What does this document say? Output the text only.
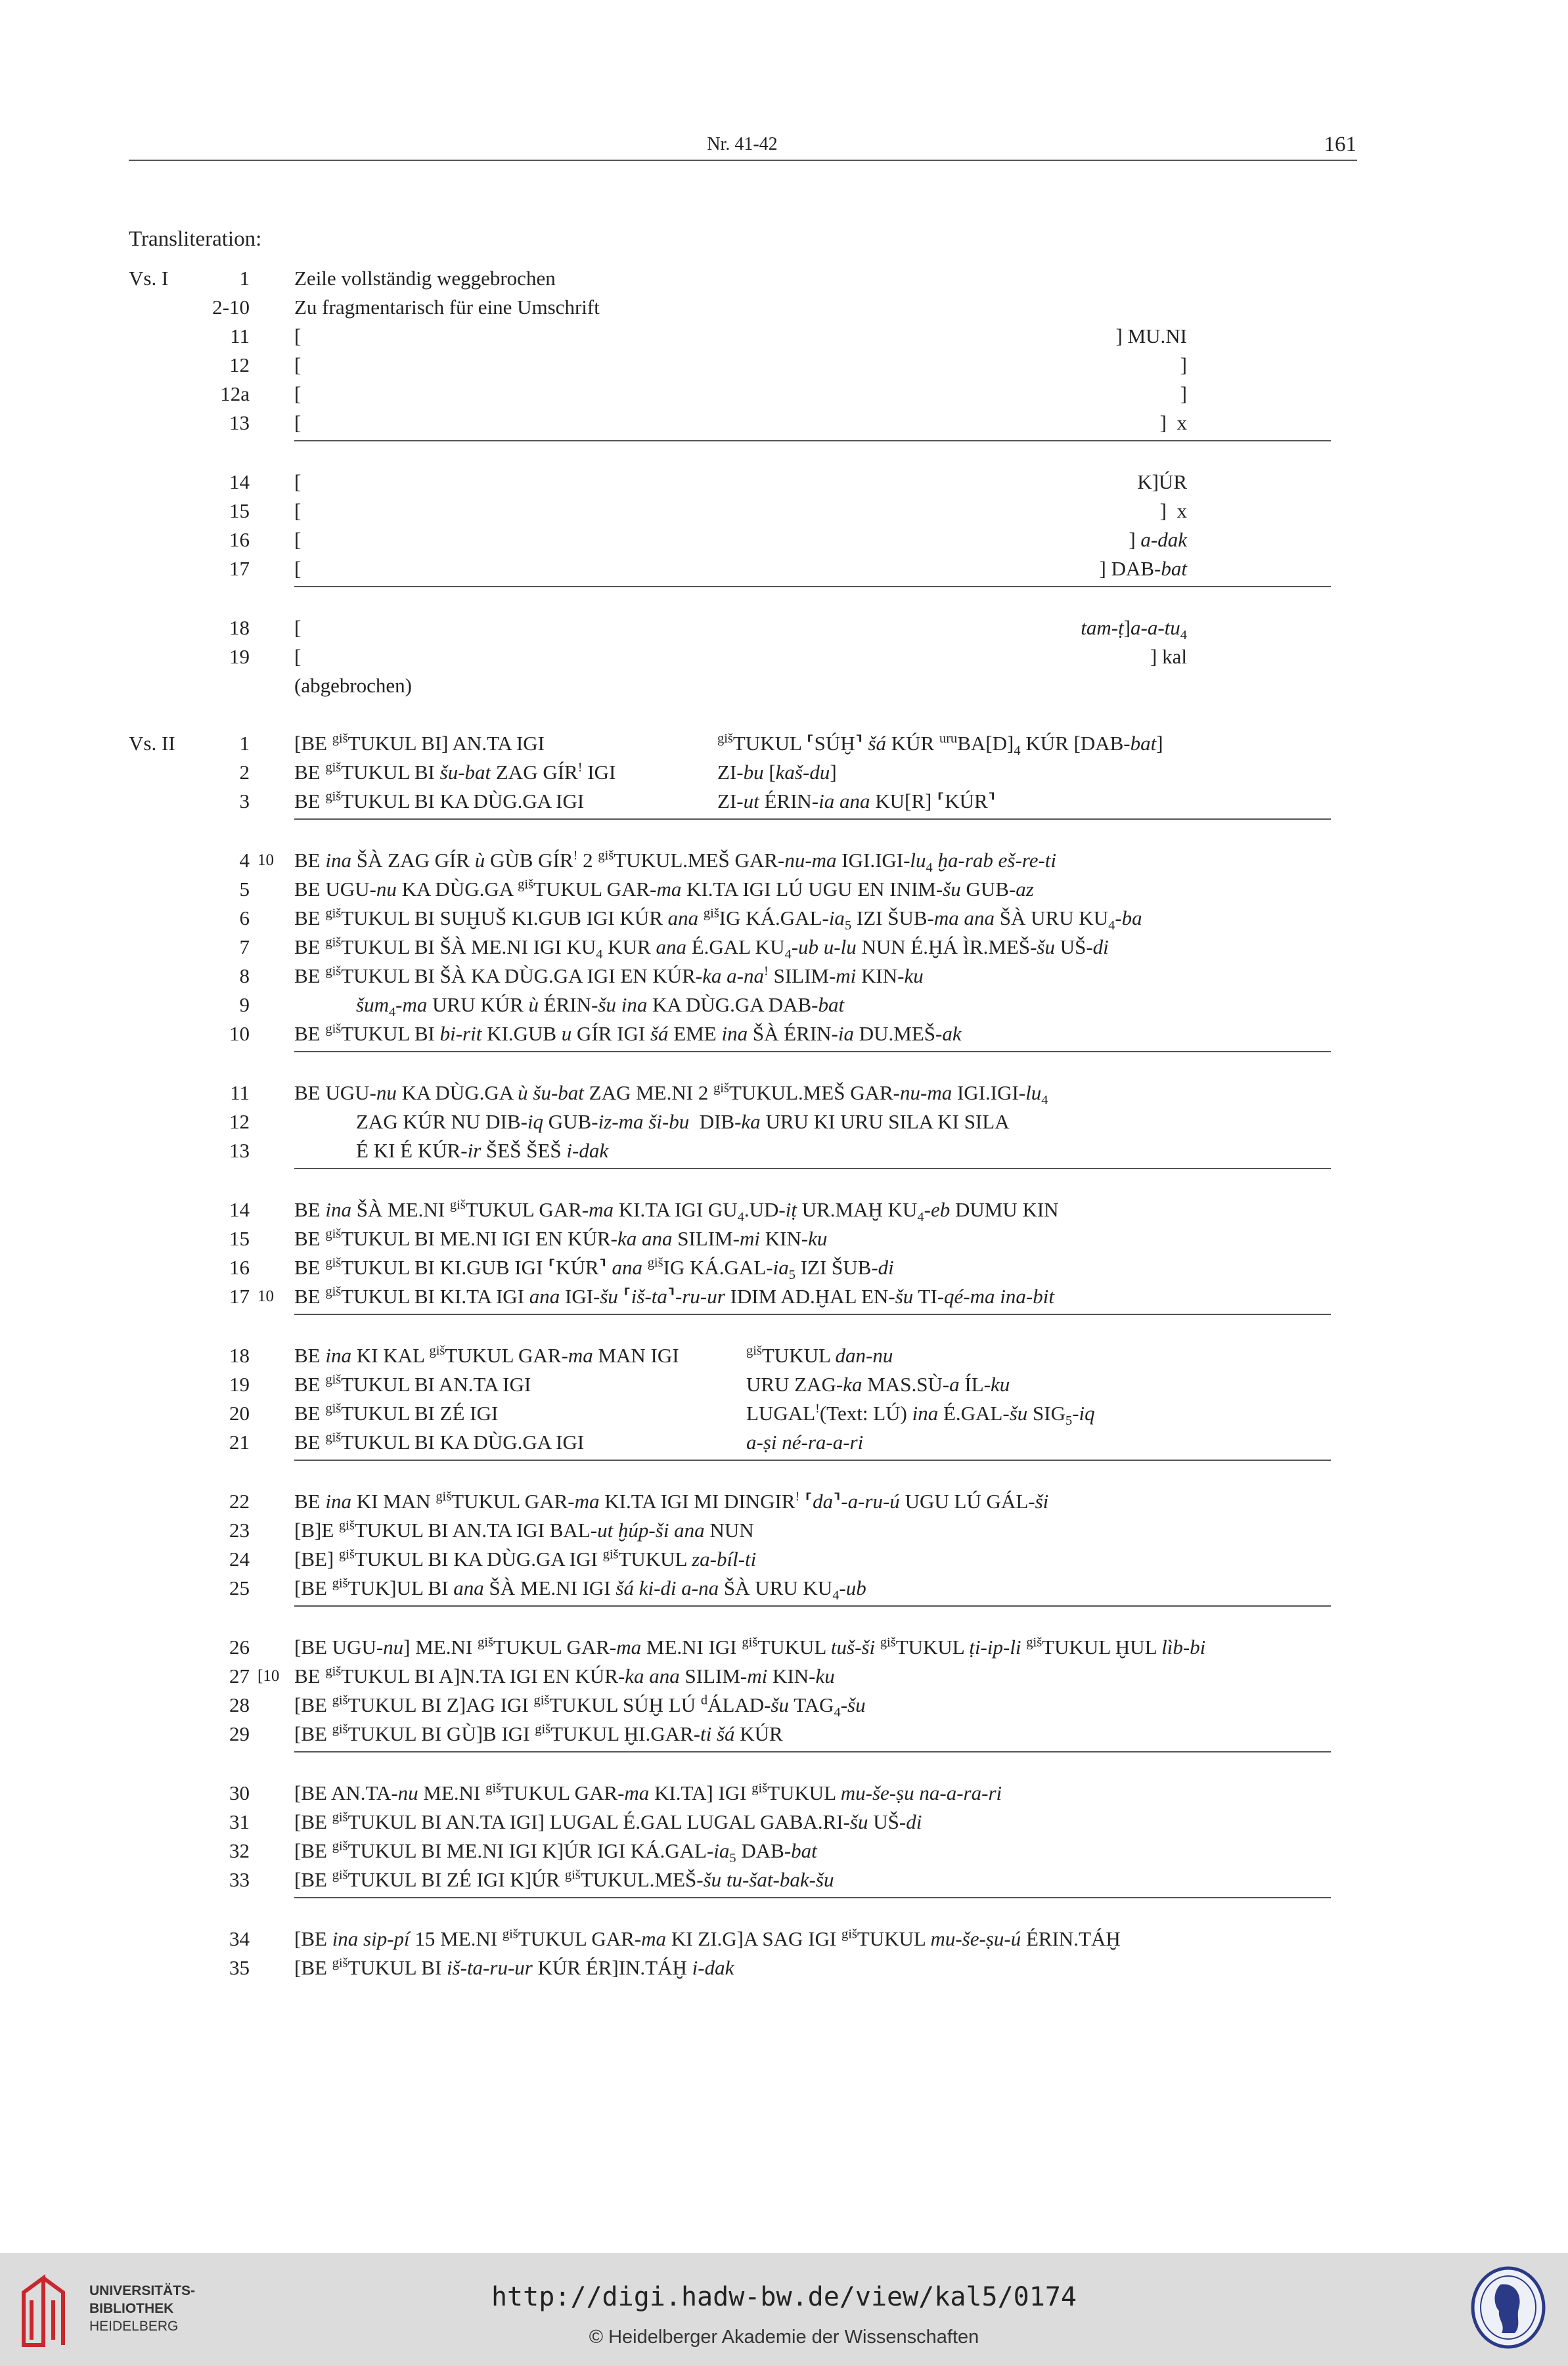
Nr. 41-42	161
Transliteration:
Vs. I	1 Zeile vollständig weggebrochen
2-10 Zu fragmentarisch für eine Umschrift
11 [	] MU.NI
12 [	]
12a [	]
13 [	]  x
14 [	K]ÚR
15 [	]  x
16 [	] a-dak
17 [	] DAB-bat
18 [	tam-$ṭ]a-a-tu_4$
19 [	] kal
(abgebrochen)
Vs. II	1 [BE $^{giš}$TUKUL BI] AN.TA IGI	$^{giš}$TUKUL ⸢SÚḪ⸣ šá KÚR $^{uru}BA[D]_4$ KÚR [DAB-bat]
2 BE $^{giš}$TUKUL BI šu-bat ZAG GÍR! IGI	ZI-bu [kaš-du]
3 BE $^{giš}$TUKUL BI KA DÙG.GA IGI	ZI-ut ÉRIN-ia ana KU[R] ⸢KÚR⸣
4 10 BE ina ŠÀ ZAG GÍR ù GÙB GÍR! 2 $^{giš}$TUKUL.MEŠ GAR-nu-ma $IGI.IGI-lu_4$ ḫa-rab eš-re-ti
5 BE UGU-nu KA DÙG.GA $^{giš}$TUKUL GAR-ma KI.TA IGI LÚ UGU EN INIM-šu GUB-az
6 BE $^{giš}$TUKUL BI SUḪUŠ KI.GUB IGI KÚR ana $^{giš}$IG $KÁ.GAL-ia_5$ IZI ŠUB-ma ana ŠÀ URU $KU_4-ba$
7 BE $^{giš}$TUKUL BI ŠÀ ME.NI IGI $KU_4$ KUR ana É.GAL $KU_4-ub$ u-lu NUN É.ḪÁ ÌR.MEŠ-šu UŠ-di
8 BE $^{giš}$TUKUL BI ŠÀ KA DÙG.GA IGI EN KÚR-ka a-na! SILIM-mi KIN-ku
9	šum$_4$-ma URU KÚR ù ÉRIN-šu ina KA DÙG.GA DAB-bat
10 BE $^{giš}$TUKUL BI bi-rit KI.GUB u GÍR IGI šá EME ina ŠÀ ÉRIN-ia DU.MEŠ-ak
11 BE UGU-nu KA DÙG.GA ù šu-bat ZAG ME.NI 2 $^{giš}$TUKUL.MEŠ GAR-nu-ma $IGI.IGI-lu_4$
12	ZAG KÚR NU DIB-iq GUB-iz-ma ši-bu  DIB-ka URU KI URU SILA KI SILA
13	É KI É KÚR-ir ŠEŠ ŠEŠ i-dak
14 BE ina ŠÀ ME.NI $^{giš}$TUKUL GAR-ma KI.TA IGI $GU_4.UD-iṭ$ UR.MAḪ $KU_4-eb$ DUMU KIN
15 BE $^{giš}$TUKUL BI ME.NI IGI EN KÚR-ka ana SILIM-mi KIN-ku
16 BE $^{giš}$TUKUL BI KI.GUB IGI ⸢KÚR⸣ ana $^{giš}$IG $KÁ.GAL-ia_5$ IZI ŠUB-di
17 10 BE $^{giš}$TUKUL BI KI.TA IGI ana IGI-šu ⸢iš-ta⸣-ru-ur IDIM AD.ḪAL EN-šu TI-qé-ma ina-bit
18 BE ina KI KAL $^{giš}$TUKUL GAR-ma MAN IGI	$^{giš}$TUKUL dan-nu
19 BE $^{giš}$TUKUL BI AN.TA IGI	URU ZAG-ka MAS.SÙ-a ÍL-ku
20 BE $^{giš}$TUKUL BI ZÉ IGI	LUGAL!(Text: LÚ) ina É.GAL-šu $SIG_5-iq$
21 BE $^{giš}$TUKUL BI KA DÙG.GA IGI	a-ṣi né-ra-a-ri
22 BE ina KI MAN $^{giš}$TUKUL GAR-ma KI.TA IGI MI DINGIR! ⸢da⸣-a-ru-ú UGU LÚ GÁL-ši
23 [B]E $^{giš}$TUKUL BI AN.TA IGI BAL-ut ḫúp-ši ana NUN
24 [BE] $^{giš}$TUKUL BI KA DÙG.GA IGI $^{giš}$TUKUL za-bíl-ti
25 [BE $^{giš}$TUK]UL BI ana ŠÀ ME.NI IGI šá ki-di a-na ŠÀ URU $KU_4-ub$
26 [BE UGU-nu] ME.NI $^{giš}$TUKUL GAR-ma ME.NI IGI $^{giš}$TUKUL tuš-ši $^{giš}$TUKUL ṭi-ip-li $^{giš}$TUKUL ḪUL lìb-bi
27 [10 BE $^{giš}$TUKUL BI A]N.TA IGI EN KÚR-ka ana SILIM-mi KIN-ku
28 [BE $^{giš}$TUKUL BI Z]AG IGI $^{giš}$TUKUL SÚḪ LÚ $^d$ÁLAD-šu $TAG_4-šu$
29 [BE $^{giš}$TUKUL BI GÙ]B IGI $^{giš}$TUKUL ḪI.GAR-ti šá KÚR
30 [BE AN.TA-nu ME.NI $^{giš}$TUKUL GAR-ma KI.TA] IGI $^{giš}$TUKUL mu-še-ṣu na-a-ra-ri
31 [BE $^{giš}$TUKUL BI AN.TA IGI] LUGAL É.GAL LUGAL GABA.RI-šu UŠ-di
32 [BE $^{giš}$TUKUL BI ME.NI IGI K]ÚR IGI $KÁ.GAL-ia_5$ DAB-bat
33 [BE $^{giš}$TUKUL BI ZÉ IGI K]ÚR $^{giš}$TUKUL.MEŠ-šu tu-šat-bak-šu
34 [BE ina sip-pí 15 ME.NI $^{giš}$TUKUL GAR-ma KI ZI.G]A SAG IGI $^{giš}$TUKUL mu-še-ṣu-ú ÉRIN.TÁḪ
35 [BE $^{giš}$TUKUL BI iš-ta-ru-ur KÚR ÉR]IN.TÁḪ i-dak
UNIVERSITÄTS-
BIBLIOTHEK
HEIDELBERG
http://digi.hadw-bw.de/view/kal5/0174
© Heidelberger Akademie der Wissenschaften
